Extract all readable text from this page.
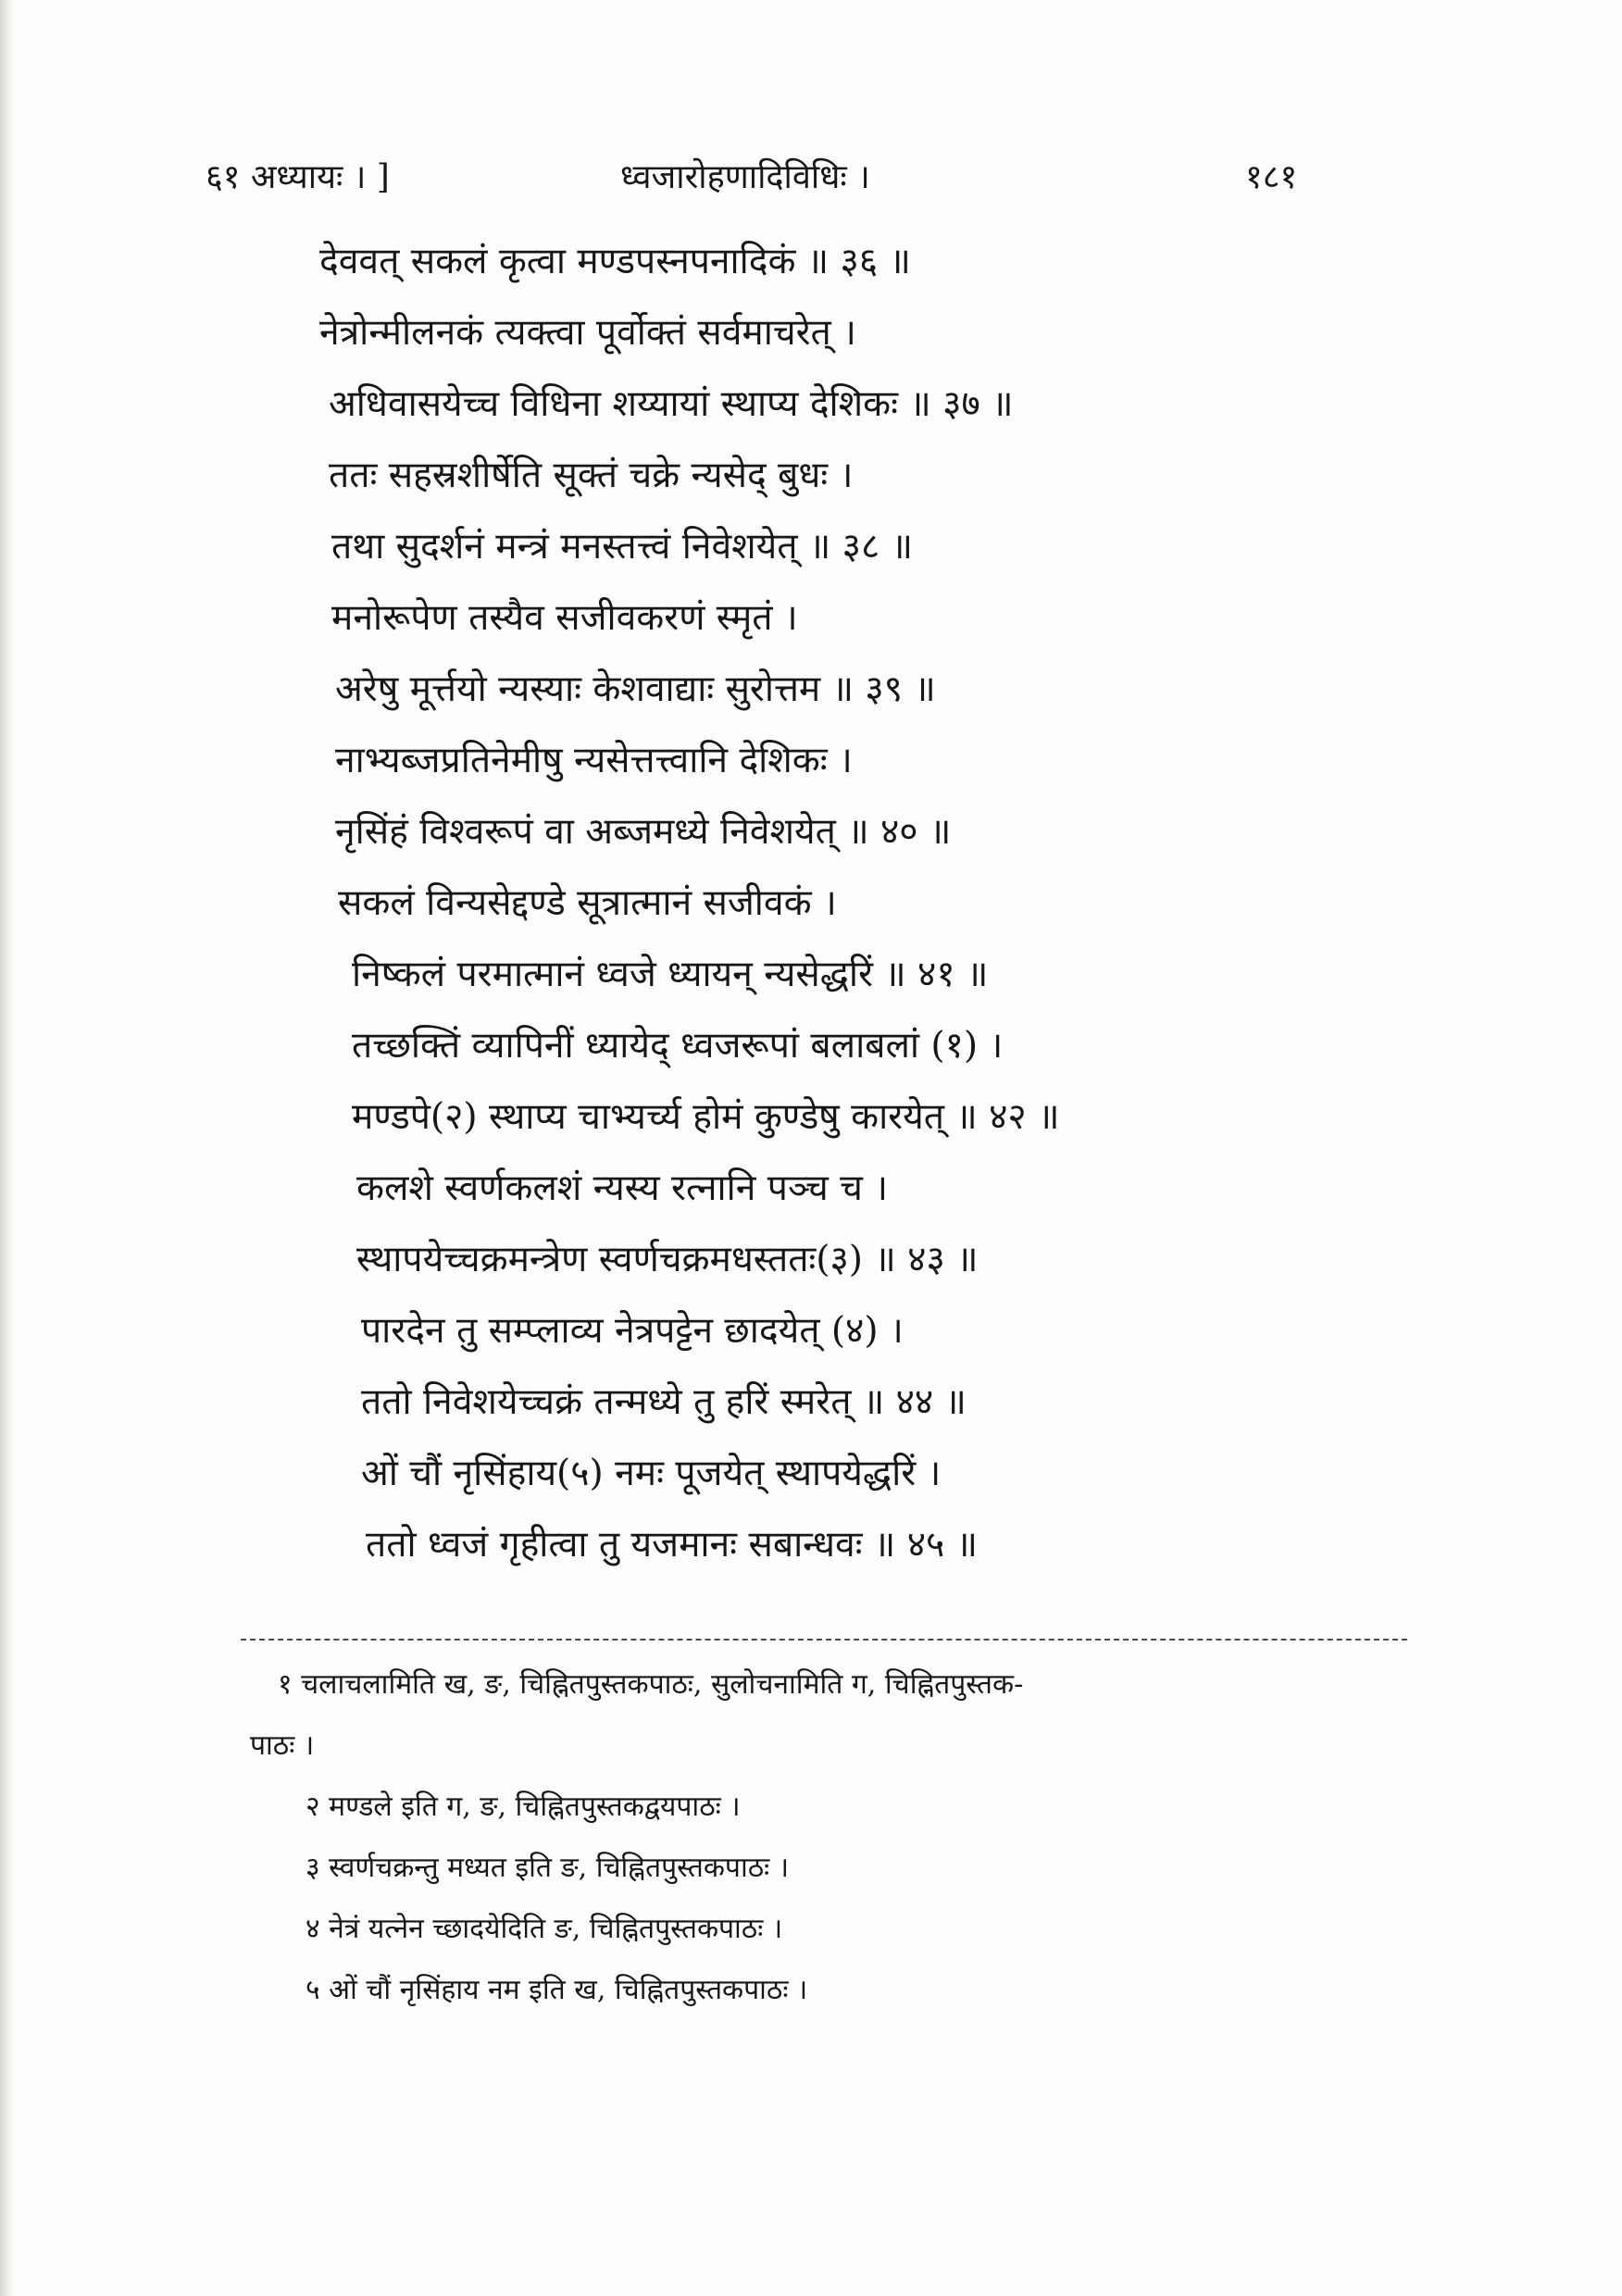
६१ अध्यायः । ]	ध्वजारोहणादिविधिः ।	१८१
देववत् सकलं कृत्वा मण्डपस्नपनादिकं ॥ ३६ ॥
नेत्रोन्मीलनकं त्यक्त्वा पूर्वोक्तं सर्वमाचरेत् ।
अधिवासयेच्च विधिना शय्यायां स्थाप्य देशिकः ॥ ३७ ॥
ततः सहस्रशीर्षेति सूक्तं चक्रे न्यसेद् बुधः ।
तथा सुदर्शनं मन्त्रं मनस्तत्त्वं निवेशयेत् ॥ ३८ ॥
मनोरूपेण तस्यैव सजीवकरणं स्मृतं ।
अरेषु मूर्त्तयो न्यस्याः केशवाद्याः सुरोत्तम ॥ ३९ ॥
नाभ्यब्जप्रतिनेमीषु न्यसेत्तत्त्वानि देशिकः ।
नृसिंहं विश्वरूपं वा अब्जमध्ये निवेशयेत् ॥ ४० ॥
सकलं विन्यसेद्दण्डे सूत्रात्मानं सजीवकं ।
निष्कलं परमात्मानं ध्वजे ध्यायन् न्यसेद्धरिं ॥ ४१ ॥
तच्छक्तिं व्यापिनीं ध्यायेद् ध्वजरूपां बलाबलां (१) ।
मण्डपे(२) स्थाप्य चाभ्यर्च्य होमं कुण्डेषु कारयेत् ॥ ४२ ॥
कलशे स्वर्णकलशं न्यस्य रत्नानि पञ्च च ।
स्थापयेच्चक्रमन्त्रेण स्वर्णचक्रमधस्ततः(३) ॥ ४३ ॥
पारदेन तु सम्प्लाव्य नेत्रपट्टेन छादयेत् (४) ।
ततो निवेशयेच्चक्रं तन्मध्ये तु हरिं स्मरेत् ॥ ४४ ॥
ओं चौं नृसिंहाय(५) नमः पूजयेत् स्थापयेद्धरिं ।
ततो ध्वजं गृहीत्वा तु यजमानः सबान्धवः ॥ ४५ ॥
१ चलाचलामिति ख, ङ, चिह्नितपुस्तकपाठः, सुलोचनामिति ग, चिह्नितपुस्तक-
पाठः ।
२ मण्डले इति ग, ङ, चिह्नितपुस्तकद्वयपाठः ।
३ स्वर्णचक्रन्तु मध्यत इति ङ, चिह्नितपुस्तकपाठः ।
४ नेत्रं यत्नेन च्छादयेदिति ङ, चिह्नितपुस्तकपाठः ।
५ ओं चौं नृसिंहाय नम इति ख, चिह्नितपुस्तकपाठः ।
